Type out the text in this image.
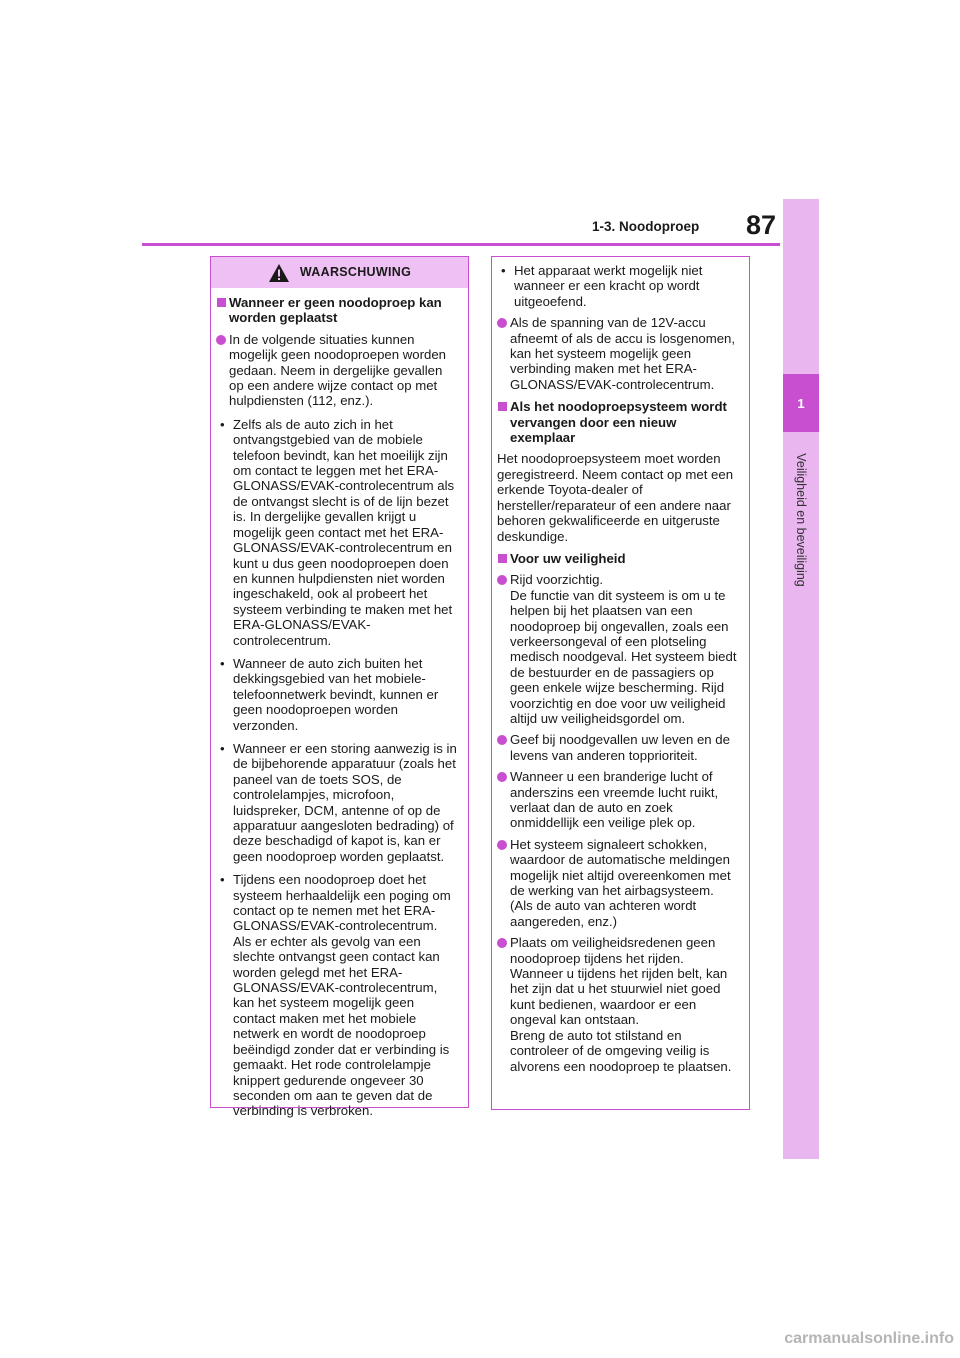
1-3. Noodoproep	87
1
Veiligheid en beveiliging
WAARSCHUWING
Wanneer er geen noodoproep kan worden geplaatst
In de volgende situaties kunnen mogelijk geen noodoproepen worden gedaan. Neem in dergelijke gevallen op een andere wijze contact op met hulpdiensten (112, enz.).
• Zelfs als de auto zich in het ontvangstgebied van de mobiele telefoon bevindt, kan het moeilijk zijn om contact te leggen met het ERA-GLONASS/EVAK-controlecentrum als de ontvangst slecht is of de lijn bezet is. In dergelijke gevallen krijgt u mogelijk geen contact met het ERA-GLONASS/EVAK-controlecentrum en kunt u dus geen noodoproepen doen en kunnen hulpdiensten niet worden ingeschakeld, ook al probeert het systeem verbinding te maken met het ERA-GLONASS/EVAK-controlecentrum.
• Wanneer de auto zich buiten het dekkingsgebied van het mobiele-telefoonnetwerk bevindt, kunnen er geen noodoproepen worden verzonden.
• Wanneer er een storing aanwezig is in de bijbehorende apparatuur (zoals het paneel van de toets SOS, de controlelampjes, microfoon, luidspreker, DCM, antenne of op de apparatuur aangesloten bedrading) of deze beschadigd of kapot is, kan er geen noodoproep worden geplaatst.
• Tijdens een noodoproep doet het systeem herhaaldelijk een poging om contact op te nemen met het ERA-GLONASS/EVAK-controlecentrum. Als er echter als gevolg van een slechte ontvangst geen contact kan worden gelegd met het ERA-GLONASS/EVAK-controlecentrum, kan het systeem mogelijk geen contact maken met het mobiele netwerk en wordt de noodoproep beëindigd zonder dat er verbinding is gemaakt. Het rode controlelampje knippert gedurende ongeveer 30 seconden om aan te geven dat de verbinding is verbroken.
• Het apparaat werkt mogelijk niet wanneer er een kracht op wordt uitgeoefend.
Als de spanning van de 12V-accu afneemt of als de accu is losgenomen, kan het systeem mogelijk geen verbinding maken met het ERA-GLONASS/EVAK-controlecentrum.
Als het noodoproepsysteem wordt vervangen door een nieuw exemplaar
Het noodoproepsysteem moet worden geregistreerd. Neem contact op met een erkende Toyota-dealer of hersteller/reparateur of een andere naar behoren gekwalificeerde en uitgeruste deskundige.
Voor uw veiligheid
Rijd voorzichtig.
De functie van dit systeem is om u te helpen bij het plaatsen van een noodoproep bij ongevallen, zoals een verkeersongeval of een plotseling medisch noodgeval. Het systeem biedt de bestuurder en de passagiers op geen enkele wijze bescherming. Rijd voorzichtig en doe voor uw veiligheid altijd uw veiligheidsgordel om.
Geef bij noodgevallen uw leven en de levens van anderen topprioriteit.
Wanneer u een branderige lucht of anderszins een vreemde lucht ruikt, verlaat dan de auto en zoek onmiddellijk een veilige plek op.
Het systeem signaleert schokken, waardoor de automatische meldingen mogelijk niet altijd overeenkomen met de werking van het airbagsysteem. (Als de auto van achteren wordt aangereden, enz.)
Plaats om veiligheidsredenen geen noodoproep tijdens het rijden. Wanneer u tijdens het rijden belt, kan het zijn dat u het stuurwiel niet goed kunt bedienen, waardoor er een ongeval kan ontstaan.
Breng de auto tot stilstand en controleer of de omgeving veilig is alvorens een noodoproep te plaatsen.
carmanualsonline.info
